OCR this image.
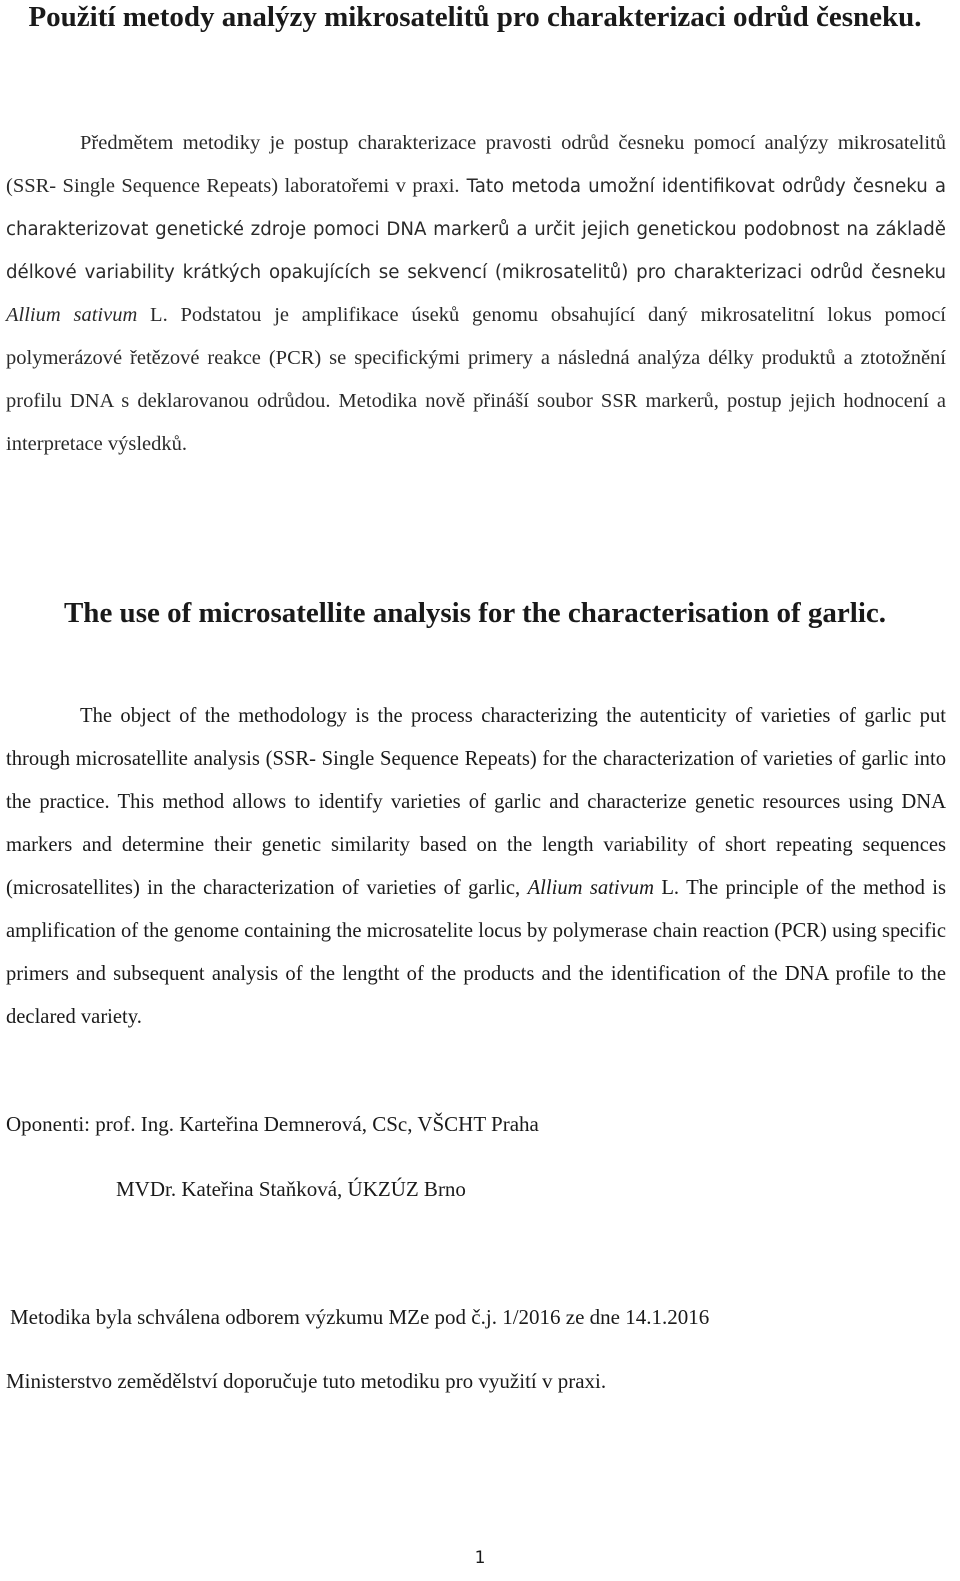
Použití metody analýzy mikrosatelitů pro charakterizaci odrůd česneku.

Předmětem metodiky je postup charakterizace pravosti odrůd česneku pomocí analýzy mikrosatelitů (SSR- Single Sequence Repeats) laboratořemi v praxi. Tato metoda umožní identifikovat odrůdy česneku a charakterizovat genetické zdroje pomoci DNA markerů a určit jejich genetickou podobnost na základě délkové variability krátkých opakujících se sekvencí (mikrosatelitů) pro charakterizaci odrůd česneku Allium sativum L. Podstatou je amplifikace úseků genomu obsahující daný mikrosatelitní lokus pomocí polymerázové řetězové reakce (PCR) se specifickými primery a následná analýza délky produktů a ztotožnění profilu DNA s deklarovanou odrůdou. Metodika nově přináší soubor SSR markerů, postup jejich hodnocení a interpretace výsledků.

The use of microsatellite analysis for the characterisation of garlic.

The object of the methodology is the process characterizing the autenticity of varieties of garlic put through microsatellite analysis (SSR- Single Sequence Repeats) for the characterization of varieties of garlic into the practice. This method allows to identify varieties of garlic and characterize genetic resources using DNA markers and determine their genetic similarity based on the length variability of short repeating sequences (microsatellites) in the characterization of varieties of garlic, Allium sativum L. The principle of the method is amplification of the genome containing the microsatelite locus by polymerase chain reaction (PCR) using specific primers and subsequent analysis of the lengtht of the products and the identification of the DNA profile to the declared variety.

Oponenti: prof. Ing. Karteřina Demnerová, CSc, VŠCHT Praha

MVDr. Kateřina Staňková, ÚKZÚZ Brno

Metodika byla schválena odborem výzkumu MZe pod č.j. 1/2016 ze dne 14.1.2016

Ministerstvo zemědělství doporučuje tuto metodiku pro využití v praxi.

1
